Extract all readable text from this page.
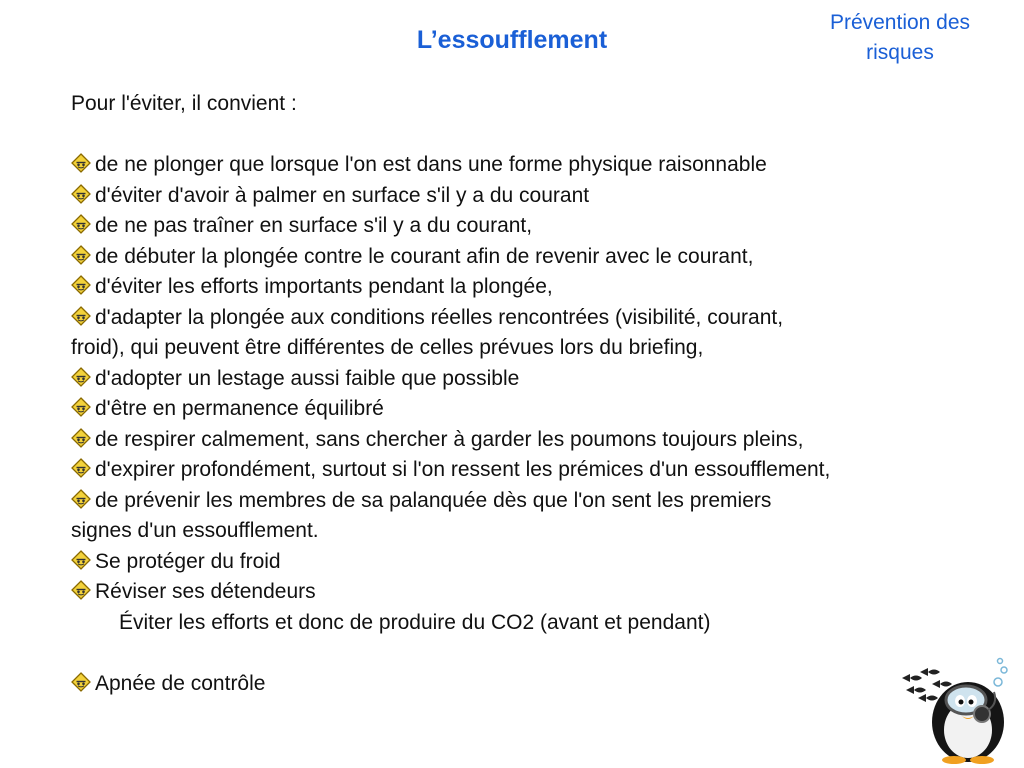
L’essoufflement
Prévention des
risques

Pour l'éviter, il convient :

de ne plonger que lorsque l'on est dans une forme physique raisonnable
d'éviter d'avoir à palmer en surface s'il y a du courant
de ne pas traîner en surface s'il y a du courant,
de débuter la plongée contre le courant afin de revenir avec le courant,
d'éviter les efforts importants pendant la plongée,
d'adapter la plongée aux conditions réelles rencontrées (visibilité, courant,
froid), qui peuvent être différentes de celles prévues lors du briefing,
d'adopter un lestage aussi faible que possible
d'être en permanence équilibré
de respirer calmement, sans chercher à garder les poumons toujours pleins,
d'expirer profondément, surtout si l'on ressent les prémices d'un essoufflement,
de prévenir les membres de sa palanquée dès que l'on sent les premiers
signes d'un essoufflement.
Se protéger du froid
Réviser ses détendeurs
Éviter les efforts et donc de produire du CO2 (avant et pendant)
Apnée de contrôle
